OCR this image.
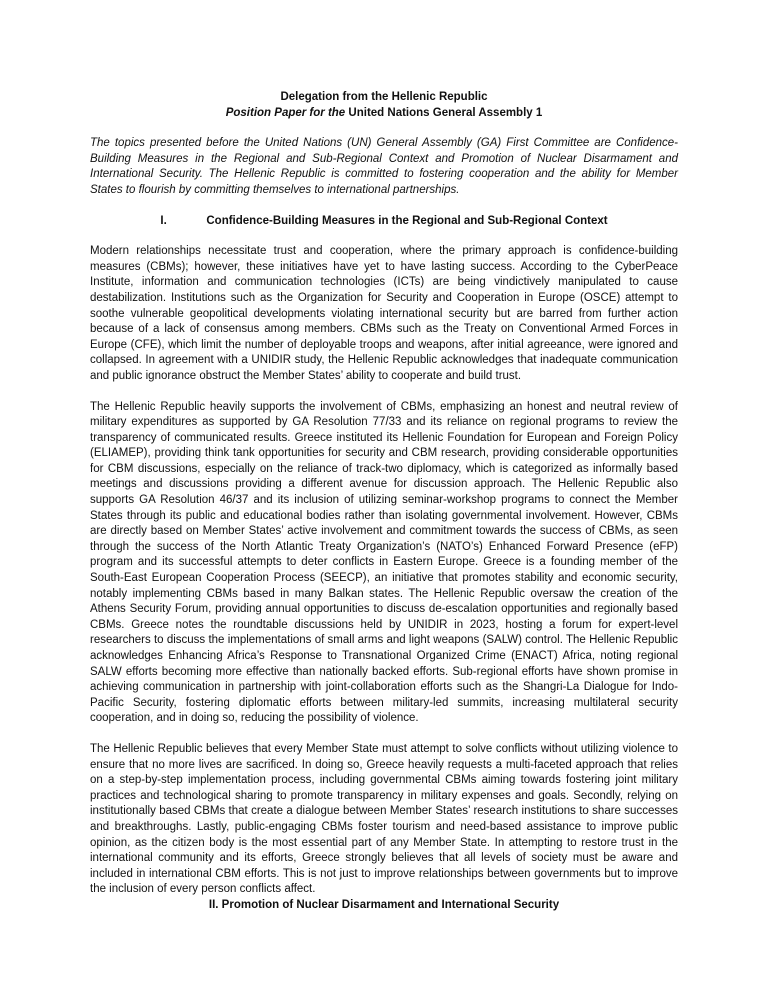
Delegation from the Hellenic Republic
Position Paper for the United Nations General Assembly 1
The topics presented before the United Nations (UN) General Assembly (GA) First Committee are Confidence-Building Measures in the Regional and Sub-Regional Context and Promotion of Nuclear Disarmament and International Security. The Hellenic Republic is committed to fostering cooperation and the ability for Member States to flourish by committing themselves to international partnerships.
I.	Confidence-Building Measures in the Regional and Sub-Regional Context
Modern relationships necessitate trust and cooperation, where the primary approach is confidence-building measures (CBMs); however, these initiatives have yet to have lasting success. According to the CyberPeace Institute, information and communication technologies (ICTs) are being vindictively manipulated to cause destabilization. Institutions such as the Organization for Security and Cooperation in Europe (OSCE) attempt to soothe vulnerable geopolitical developments violating international security but are barred from further action because of a lack of consensus among members. CBMs such as the Treaty on Conventional Armed Forces in Europe (CFE), which limit the number of deployable troops and weapons, after initial agreeance, were ignored and collapsed. In agreement with a UNIDIR study, the Hellenic Republic acknowledges that inadequate communication and public ignorance obstruct the Member States’ ability to cooperate and build trust.
The Hellenic Republic heavily supports the involvement of CBMs, emphasizing an honest and neutral review of military expenditures as supported by GA Resolution 77/33 and its reliance on regional programs to review the transparency of communicated results. Greece instituted its Hellenic Foundation for European and Foreign Policy (ELIAMEP), providing think tank opportunities for security and CBM research, providing considerable opportunities for CBM discussions, especially on the reliance of track-two diplomacy, which is categorized as informally based meetings and discussions providing a different avenue for discussion approach. The Hellenic Republic also supports GA Resolution 46/37 and its inclusion of utilizing seminar-workshop programs to connect the Member States through its public and educational bodies rather than isolating governmental involvement. However, CBMs are directly based on Member States’ active involvement and commitment towards the success of CBMs, as seen through the success of the North Atlantic Treaty Organization’s (NATO’s) Enhanced Forward Presence (eFP) program and its successful attempts to deter conflicts in Eastern Europe. Greece is a founding member of the South-East European Cooperation Process (SEECP), an initiative that promotes stability and economic security, notably implementing CBMs based in many Balkan states. The Hellenic Republic oversaw the creation of the Athens Security Forum, providing annual opportunities to discuss de-escalation opportunities and regionally based CBMs. Greece notes the roundtable discussions held by UNIDIR in 2023, hosting a forum for expert-level researchers to discuss the implementations of small arms and light weapons (SALW) control. The Hellenic Republic acknowledges Enhancing Africa’s Response to Transnational Organized Crime (ENACT) Africa, noting regional SALW efforts becoming more effective than nationally backed efforts. Sub-regional efforts have shown promise in achieving communication in partnership with joint-collaboration efforts such as the Shangri-La Dialogue for Indo-Pacific Security, fostering diplomatic efforts between military-led summits, increasing multilateral security cooperation, and in doing so, reducing the possibility of violence.
The Hellenic Republic believes that every Member State must attempt to solve conflicts without utilizing violence to ensure that no more lives are sacrificed. In doing so, Greece heavily requests a multi-faceted approach that relies on a step-by-step implementation process, including governmental CBMs aiming towards fostering joint military practices and technological sharing to promote transparency in military expenses and goals. Secondly, relying on institutionally based CBMs that create a dialogue between Member States’ research institutions to share successes and breakthroughs. Lastly, public-engaging CBMs foster tourism and need-based assistance to improve public opinion, as the citizen body is the most essential part of any Member State. In attempting to restore trust in the international community and its efforts, Greece strongly believes that all levels of society must be aware and included in international CBM efforts. This is not just to improve relationships between governments but to improve the inclusion of every person conflicts affect.
II. Promotion of Nuclear Disarmament and International Security
